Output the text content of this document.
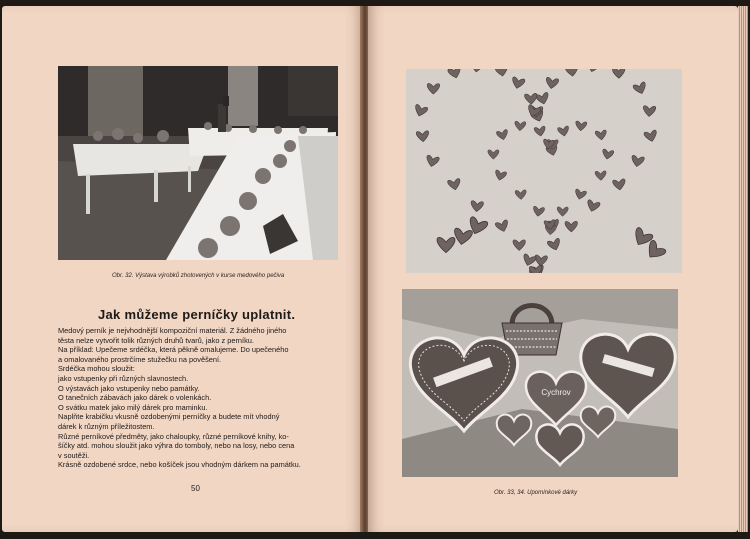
Obr. 32. Výstava výrobků zhotovených v kurse medového pečiva
Jak můžeme perníčky uplatnit.
Medový perník je nejvhodnější kompoziční materiál. Z žádného jiného
těsta nelze vytvořit tolik různých druhů tvarů, jako z perníku.
Na příklad: Upečeme srdéčka, která pěkně omalujeme. Do upečeného
a omalovaného prostrčíme stužečku na pověšení.
Srdéčka mohou sloužit:
jako vstupenky při různých slavnostech.
O výstavách jako vstupenky nebo památky.
O tanečních zábavách jako dárek o volenkách.
O svátku matek jako milý dárek pro maminku.
Naplňte krabičku vkusně ozdobenými perníčky a budete mít vhodný
dárek k různým příležitostem.
Různé perníkové předměty, jako chaloupky, různé perníkové knihy, ko-
šíčky atd. mohou sloužit jako výhra do tomboly, nebo na losy, nebo cena
v soutěži.
Krásně ozdobené srdce, nebo košíček jsou vhodným dárkem na památku.
50
Cychrov
Obr. 33, 34. Upomínkové dárky
